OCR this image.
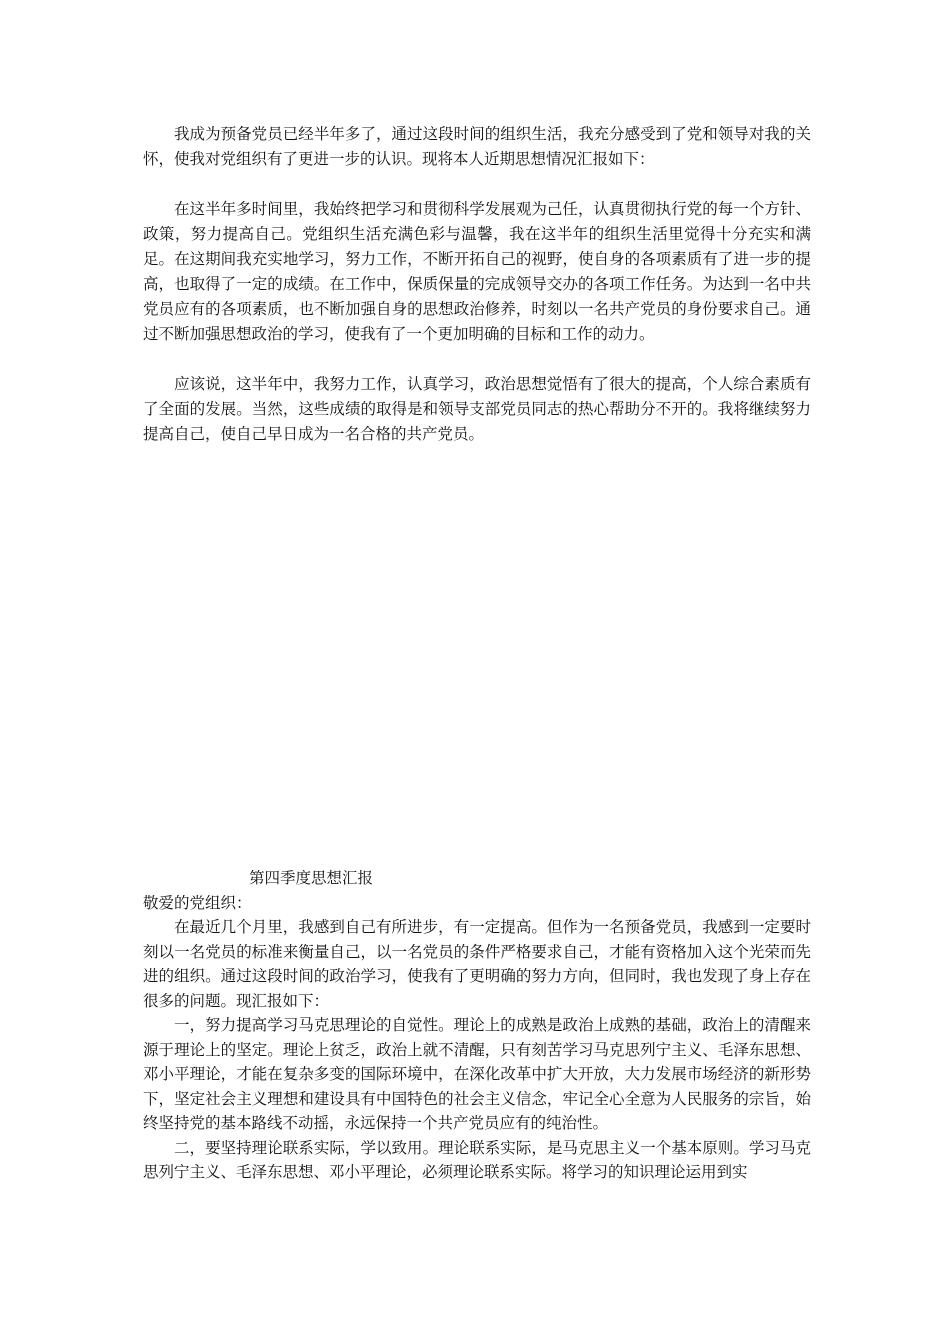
我成为预备党员已经半年多了，通过这段时间的组织生活，我充分感受到了党和领导对我的关怀，使我对党组织有了更进一步的认识。现将本人近期思想情况汇报如下：

在这半年多时间里，我始终把学习和贯彻科学发展观为己任，认真贯彻执行党的每一个方针、政策，努力提高自己。党组织生活充满色彩与温馨，我在这半年的组织生活里觉得十分充实和满足。在这期间我充实地学习，努力工作，不断开拓自己的视野，使自身的各项素质有了进一步的提高，也取得了一定的成绩。在工作中，保质保量的完成领导交办的各项工作任务。为达到一名中共党员应有的各项素质，也不断加强自身的思想政治修养，时刻以一名共产党员的身份要求自己。通过不断加强思想政治的学习，使我有了一个更加明确的目标和工作的动力。

应该说，这半年中，我努力工作，认真学习，政治思想觉悟有了很大的提高，个人综合素质有了全面的发展。当然，这些成绩的取得是和领导支部党员同志的热心帮助分不开的。我将继续努力提高自己，使自己早日成为一名合格的共产党员。

第四季度思想汇报

敬爱的党组织：

在最近几个月里，我感到自己有所进步，有一定提高。但作为一名预备党员，我感到一定要时刻以一名党员的标准来衡量自己，以一名党员的条件严格要求自己，才能有资格加入这个光荣而先进的组织。通过这段时间的政治学习，使我有了更明确的努力方向，但同时，我也发现了身上存在很多的问题。现汇报如下：

一，努力提高学习马克思理论的自觉性。理论上的成熟是政治上成熟的基础，政治上的清醒来源于理论上的坚定。理论上贫乏，政治上就不清醒，只有刻苦学习马克思列宁主义、毛泽东思想、邓小平理论，才能在复杂多变的国际环境中，在深化改革中扩大开放，大力发展市场经济的新形势下，坚定社会主义理想和建设具有中国特色的社会主义信念，牢记全心全意为人民服务的宗旨，始终坚持党的基本路线不动摇，永远保持一个共产党员应有的纯治性。

二，要坚持理论联系实际，学以致用。理论联系实际，是马克思主义一个基本原则。学习马克思列宁主义、毛泽东思想、邓小平理论，必须理论联系实际。将学习的知识理论运用到实
